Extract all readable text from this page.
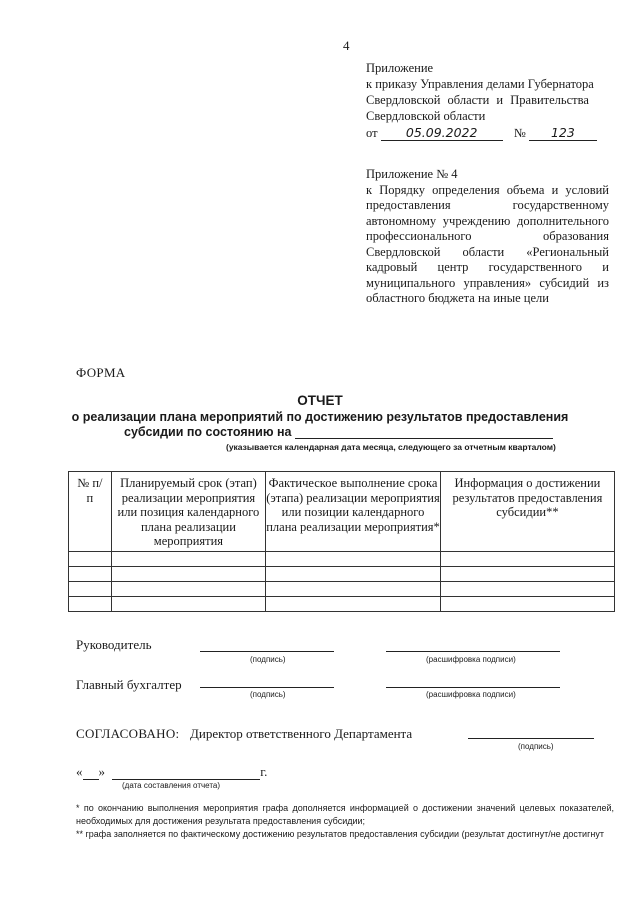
4
Приложение
к приказу Управления делами Губернатора
Свердловской области и Правительства
Свердловской области
от 05.09.2022	№ 123
Приложение № 4
к Порядку определения объема и условий предоставления государственному автономному учреждению дополнительного профессионального образования Свердловской области «Региональный кадровый центр государственного и муниципального управления» субсидий из областного бюджета на иные цели
ФОРМА
ОТЧЕТ
о реализации плана мероприятий по достижению результатов предоставления
субсидии по состоянию на
(указывается календарная дата месяца, следующего за отчетным кварталом)
№ п/п	Планируемый срок (этап) реализации мероприятия или позиция календарного плана реализации мероприятия	Фактическое выполнение срока (этапа) реализации мероприятия или позиции календарного плана реализации мероприятия*	Информация о достижении результатов предоставления субсидии**

Руководитель
(подпись)	(расшифровка подписи)
Главный бухгалтер
(подпись)	(расшифровка подписи)
СОГЛАСОВАНО: Директор ответственного Департамента
(подпись)
« »	г.
(дата составления отчета)
* по окончанию выполнения мероприятия графа дополняется информацией о достижении значений целевых показателей, необходимых для достижения результата предоставления субсидии;
** графа заполняется по фактическому достижению результатов предоставления субсидии (результат достигнут/не достигнут
